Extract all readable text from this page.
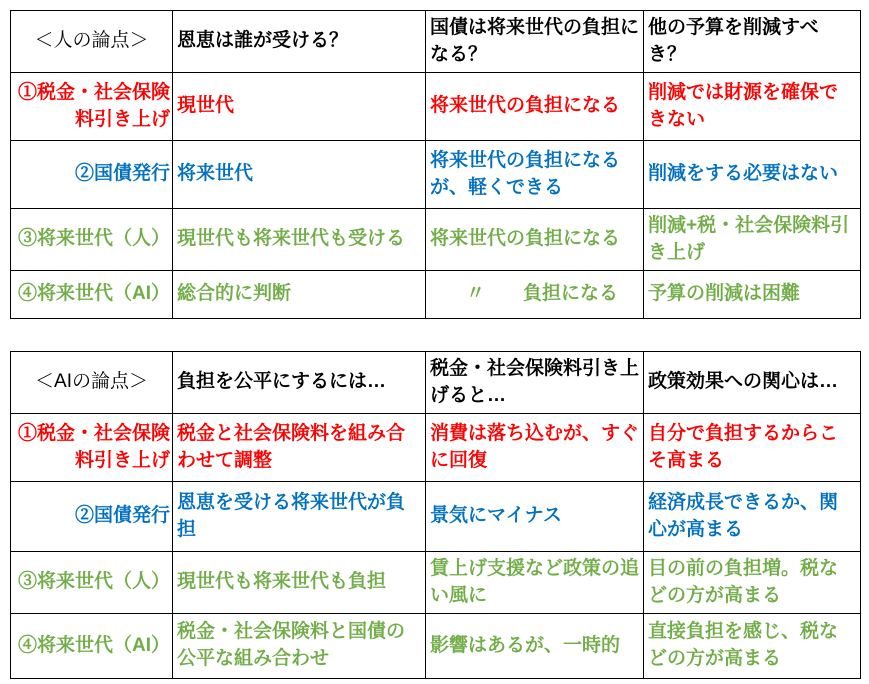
＜人の論点＞	恩恵は誰が受ける？	国債は将来世代の負担になる？	他の予算を削減すべき？
①税金・社会保険料引き上げ	現世代	将来世代の負担になる	削減では財源を確保できない
②国債発行	将来世代	将来世代の負担になるが、軽くできる	削減をする必要はない
③将来世代（人）	現世代も将来世代も受ける	将来世代の負担になる	削減+税・社会保険料引き上げ
④将来世代（AI）	総合的に判断	〃　　負担になる	予算の削減は困難
＜AIの論点＞	負担を公平にするには…	税金・社会保険料引き上げると…	政策効果への関心は…
①税金・社会保険料引き上げ	税金と社会保険料を組み合わせて調整	消費は落ち込むが、すぐに回復	自分で負担するからこそ高まる
②国債発行	恩恵を受ける将来世代が負担	景気にマイナス	経済成長できるか、関心が高まる
③将来世代（人）	現世代も将来世代も負担	賃上げ支援など政策の追い風に	目の前の負担増。税などの方が高まる
④将来世代（AI）	税金・社会保険料と国債の公平な組み合わせ	影響はあるが、一時的	直接負担を感じ、税などの方が高まる
